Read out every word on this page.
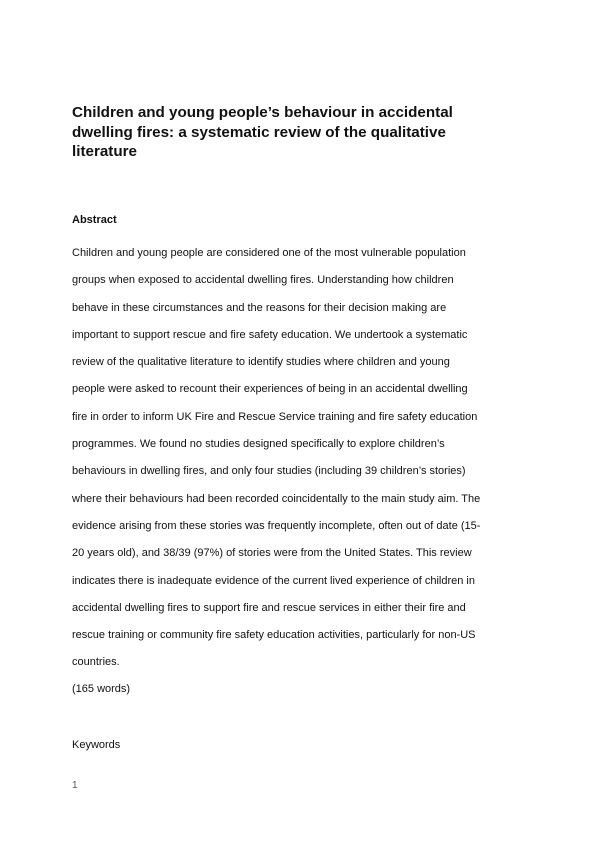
Children and young people’s behaviour in accidental
dwelling fires: a systematic review of the qualitative
literature
Abstract

Children and young people are considered one of the most vulnerable population
groups when exposed to accidental dwelling fires. Understanding how children
behave in these circumstances and the reasons for their decision making are
important to support rescue and fire safety education. We undertook a systematic
review of the qualitative literature to identify studies where children and young
people were asked to recount their experiences of being in an accidental dwelling
fire in order to inform UK Fire and Rescue Service training and fire safety education
programmes. We found no studies designed specifically to explore children’s
behaviours in dwelling fires, and only four studies (including 39 children’s stories)
where their behaviours had been recorded coincidentally to the main study aim. The
evidence arising from these stories was frequently incomplete, often out of date (15-
20 years old), and 38/39 (97%) of stories were from the United States. This review
indicates there is inadequate evidence of the current lived experience of children in
accidental dwelling fires to support fire and rescue services in either their fire and
rescue training or community fire safety education activities, particularly for non-US
countries.

(165 words)

Keywords

1
